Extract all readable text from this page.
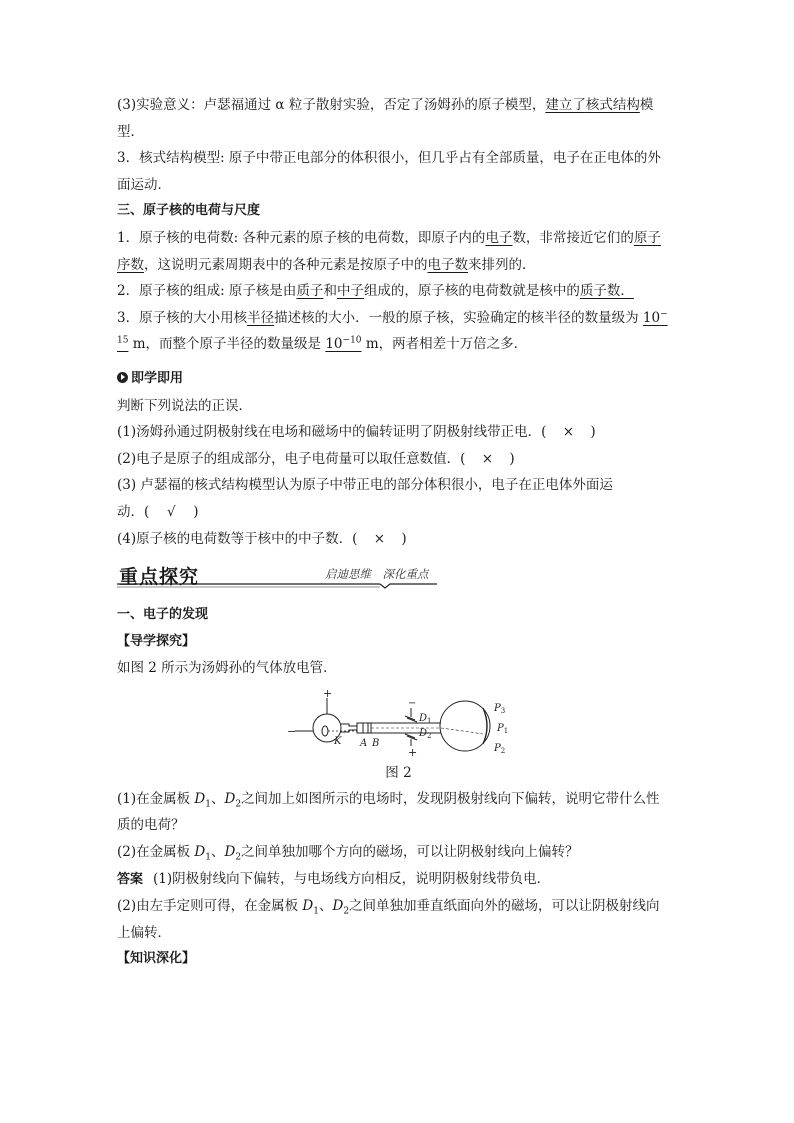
(3)实验意义：卢瑟福通过 α 粒子散射实验，否定了汤姆孙的原子模型，建立了核式结构模
型．
3．核式结构模型: 原子中带正电部分的体积很小，但几乎占有全部质量，电子在正电体的外
面运动．
三、原子核的电荷与尺度
1．原子核的电荷数: 各种元素的原子核的电荷数，即原子内的电子数，非常接近它们的原子
序数，这说明元素周期表中的各种元素是按原子中的电子数来排列的．
2．原子核的组成: 原子核是由质子和中子组成的，原子核的电荷数就是核中的质子数．
3．原子核的大小用核半径描述核的大小．一般的原子核，实验确定的核半径的数量级为 10−
$^{15}$ m，而整个原子半径的数量级是 $10^{-10}$ m，两者相差十万倍之多．
即学即用
判断下列说法的正误．
(1)汤姆孙通过阴极射线在电场和磁场中的偏转证明了阴极射线带正电．( × )
(2)电子是原子的组成部分，电子电荷量可以取任意数值．( × )
(3) 卢瑟福的核式结构模型认为原子中带正电的部分体积很小，电子在正电体外面运
动．( √ )
(4)原子核的电荷数等于核中的中子数．( × )
重点探究	启迪思维　深化重点
一、电子的发现
【导学探究】
如图 2 所示为汤姆孙的气体放电管．
+
−
−
+
K A B
$D_1$
$D_2$
$P_3$
$P_1$
$P_2$
图 2
(1)在金属板 $D_1$、$D_2$之间加上如图所示的电场时，发现阴极射线向下偏转，说明它带什么性
质的电荷？
(2)在金属板 $D_1$、$D_2$之间单独加哪个方向的磁场，可以让阴极射线向上偏转？
答案 (1)阴极射线向下偏转，与电场线方向相反，说明阴极射线带负电．
(2)由左手定则可得，在金属板 $D_1$、$D_2$之间单独加垂直纸面向外的磁场，可以让阴极射线向
上偏转．
【知识深化】
